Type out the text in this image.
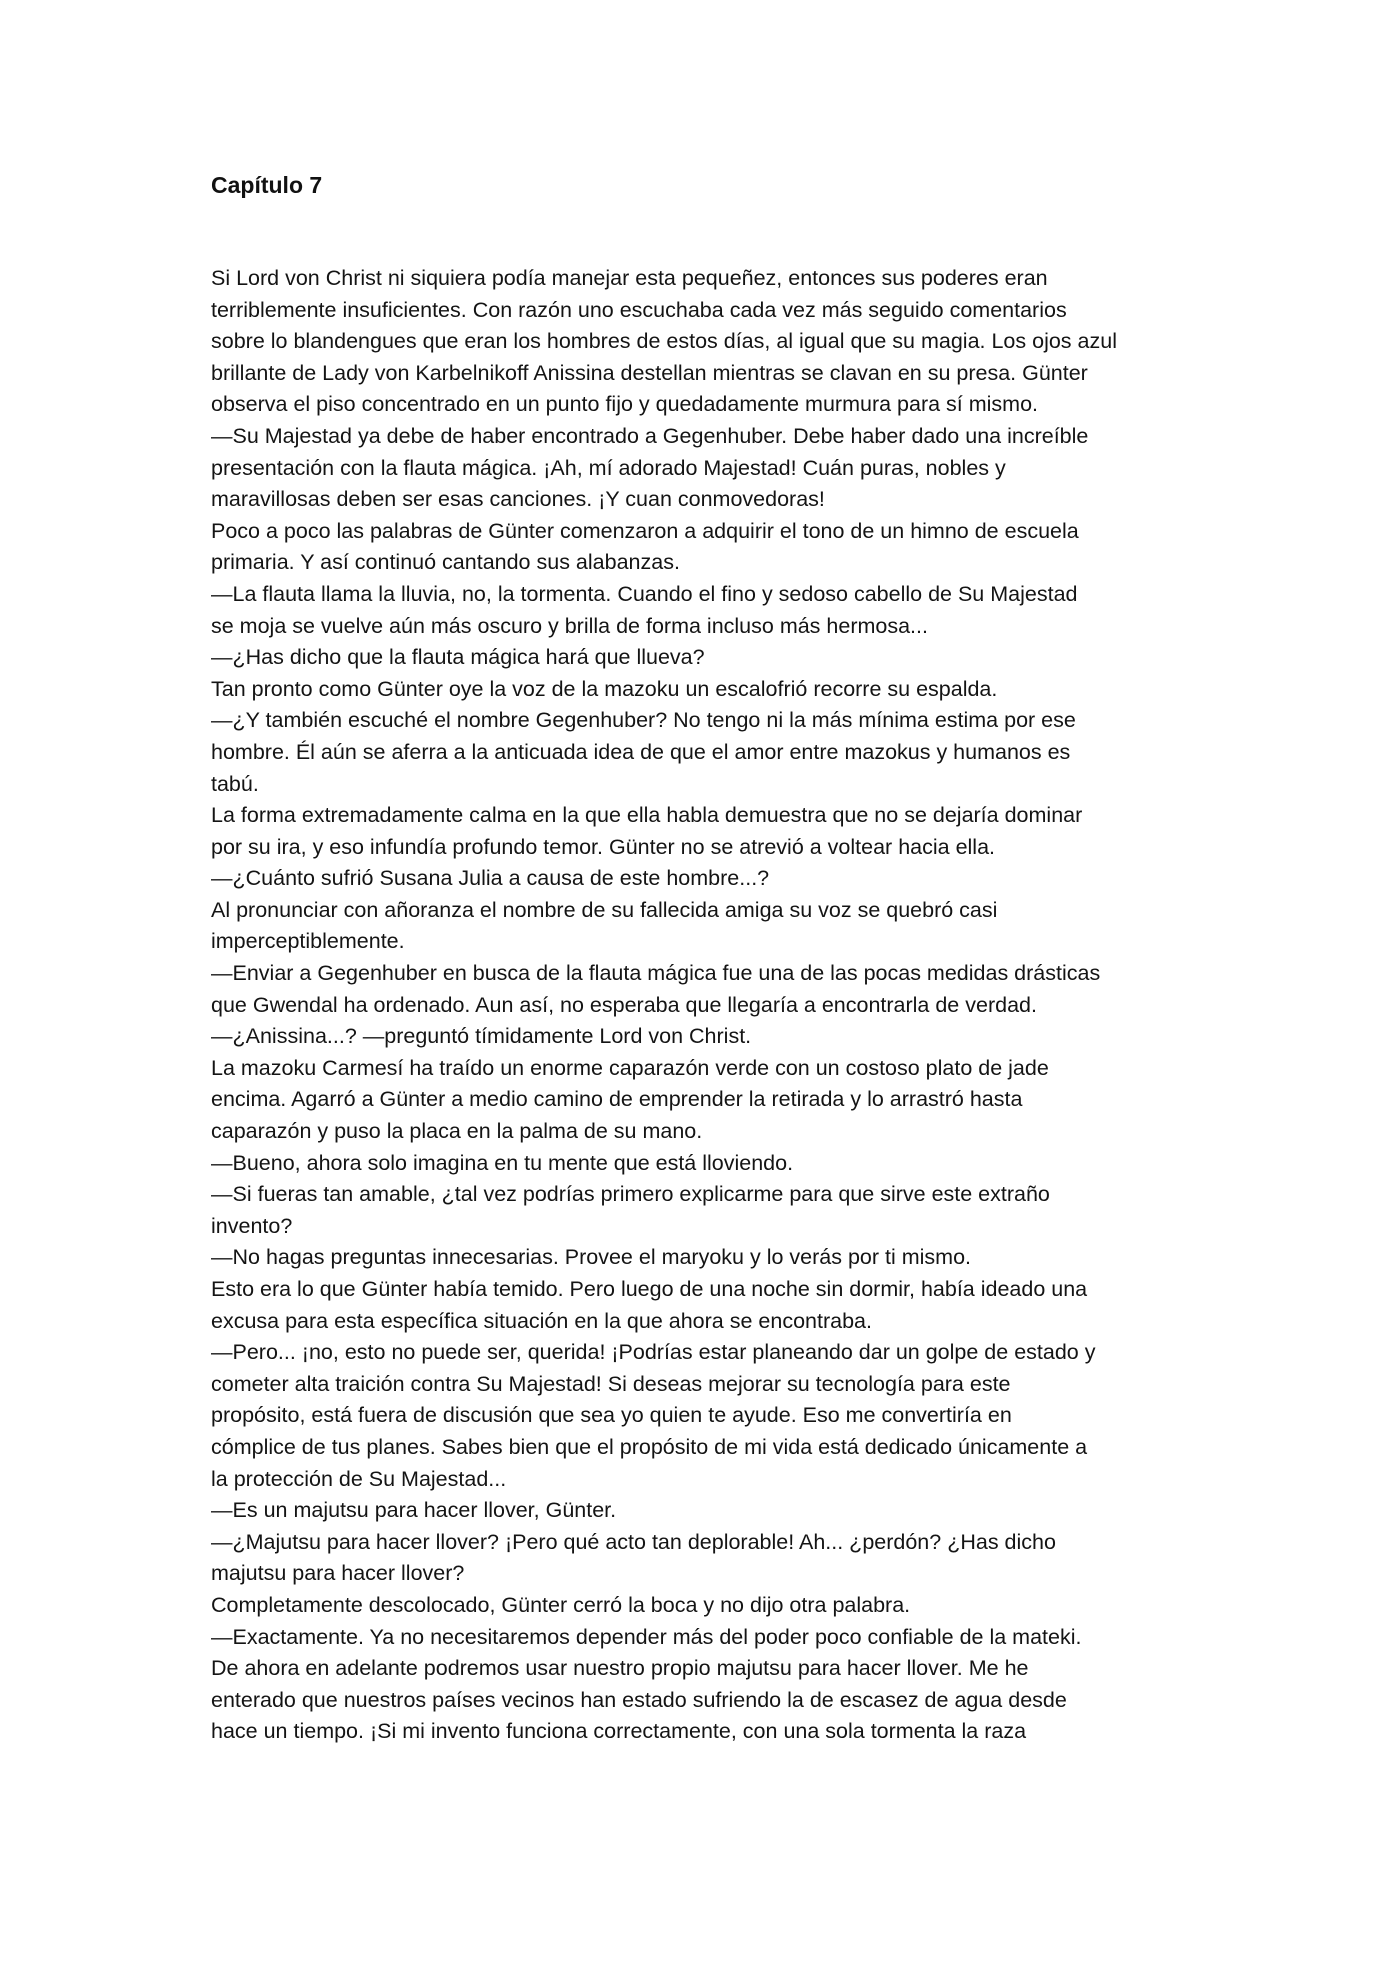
Capítulo 7
Si Lord von Christ ni siquiera podía manejar esta pequeñez, entonces sus poderes eran
terriblemente insuficientes. Con razón uno escuchaba cada vez más seguido comentarios
sobre lo blandengues que eran los hombres de estos días, al igual que su magia. Los ojos azul
brillante de Lady von Karbelnikoff Anissina destellan mientras se clavan en su presa. Günter
observa el piso concentrado en un punto fijo y quedadamente murmura para sí mismo.
—Su Majestad ya debe de haber encontrado a Gegenhuber. Debe haber dado una increíble
presentación con la flauta mágica. ¡Ah, mí adorado Majestad! Cuán puras, nobles y
maravillosas deben ser esas canciones. ¡Y cuan conmovedoras!
Poco a poco las palabras de Günter comenzaron a adquirir el tono de un himno de escuela
primaria. Y así continuó cantando sus alabanzas.
—La flauta llama la lluvia, no, la tormenta. Cuando el fino y sedoso cabello de Su Majestad
se moja se vuelve aún más oscuro y brilla de forma incluso más hermosa...
—¿Has dicho que la flauta mágica hará que llueva?
Tan pronto como Günter oye la voz de la mazoku un escalofrió recorre su espalda.
—¿Y también escuché el nombre Gegenhuber? No tengo ni la más mínima estima por ese
hombre. Él aún se aferra a la anticuada idea de que el amor entre mazokus y humanos es
tabú.
La forma extremadamente calma en la que ella habla demuestra que no se dejaría dominar
por su ira, y eso infundía profundo temor. Günter no se atrevió a voltear hacia ella.
—¿Cuánto sufrió Susana Julia a causa de este hombre...?
Al pronunciar con añoranza el nombre de su fallecida amiga su voz se quebró casi
imperceptiblemente.
—Enviar a Gegenhuber en busca de la flauta mágica fue una de las pocas medidas drásticas
que Gwendal ha ordenado. Aun así, no esperaba que llegaría a encontrarla de verdad.
—¿Anissina...? —preguntó tímidamente Lord von Christ.
La mazoku Carmesí ha traído un enorme caparazón verde con un costoso plato de jade
encima. Agarró a Günter a medio camino de emprender la retirada y lo arrastró hasta
caparazón y puso la placa en la palma de su mano.
—Bueno, ahora solo imagina en tu mente que está lloviendo.
—Si fueras tan amable, ¿tal vez podrías primero explicarme para que sirve este extraño
invento?
—No hagas preguntas innecesarias. Provee el maryoku y lo verás por ti mismo.
Esto era lo que Günter había temido. Pero luego de una noche sin dormir, había ideado una
excusa para esta específica situación en la que ahora se encontraba.
—Pero... ¡no, esto no puede ser, querida! ¡Podrías estar planeando dar un golpe de estado y
cometer alta traición contra Su Majestad! Si deseas mejorar su tecnología para este
propósito, está fuera de discusión que sea yo quien te ayude. Eso me convertiría en
cómplice de tus planes. Sabes bien que el propósito de mi vida está dedicado únicamente a
la protección de Su Majestad...
—Es un majutsu para hacer llover, Günter.
—¿Majutsu para hacer llover? ¡Pero qué acto tan deplorable! Ah... ¿perdón? ¿Has dicho
majutsu para hacer llover?
Completamente descolocado, Günter cerró la boca y no dijo otra palabra.
—Exactamente. Ya no necesitaremos depender más del poder poco confiable de la mateki.
De ahora en adelante podremos usar nuestro propio majutsu para hacer llover. Me he
enterado que nuestros países vecinos han estado sufriendo la de escasez de agua desde
hace un tiempo. ¡Si mi invento funciona correctamente, con una sola tormenta la raza
